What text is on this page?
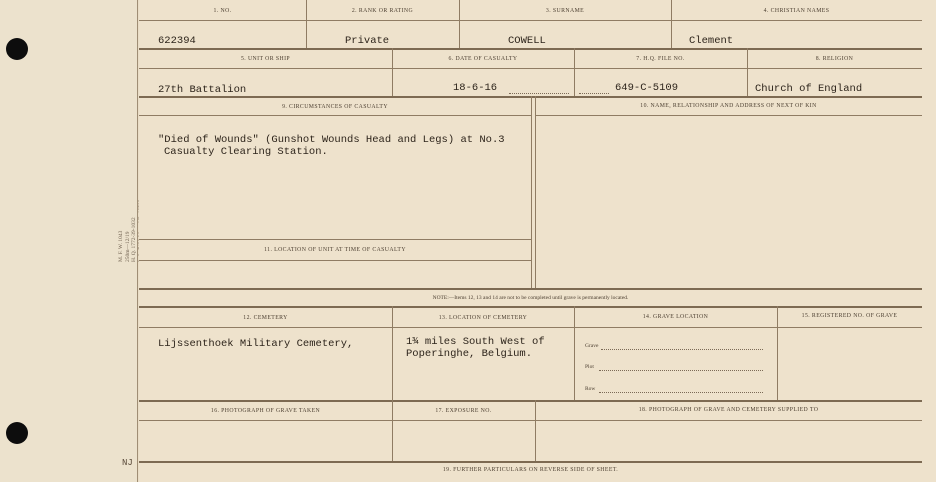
M. F. W. 1043
250m—12/19
H. Q. 1772-39-1032

NJ
1. NO.	2. RANK OR RATING	3. SURNAME	4. CHRISTIAN NAMES
622394	Private	COWELL	Clement
5. UNIT OR SHIP	6. DATE OF CASUALTY	7. H.Q. FILE NO.	8. RELIGION
27th Battalion	18-6-16	649-C-5109	Church of England
9. CIRCUMSTANCES OF CASUALTY	10. NAME, RELATIONSHIP AND ADDRESS OF NEXT OF KIN
"Died of Wounds" (Gunshot Wounds Head and Legs) at No.3
Casualty Clearing Station.
11. LOCATION OF UNIT AT TIME OF CASUALTY
NOTE:—Items 12, 13 and 14 are not to be completed until grave is permanently located.
12. CEMETERY	13. LOCATION OF CEMETERY	14. GRAVE LOCATION	15. REGISTERED NO. OF GRAVE
Lijssenthoek Military Cemetery,	1¾ miles South West of
Poperinghe, Belgium.
Grave
Plot
Row
16. PHOTOGRAPH OF GRAVE TAKEN	17. EXPOSURE NO.	18. PHOTOGRAPH OF GRAVE AND CEMETERY SUPPLIED TO
19. FURTHER PARTICULARS ON REVERSE SIDE OF SHEET.
